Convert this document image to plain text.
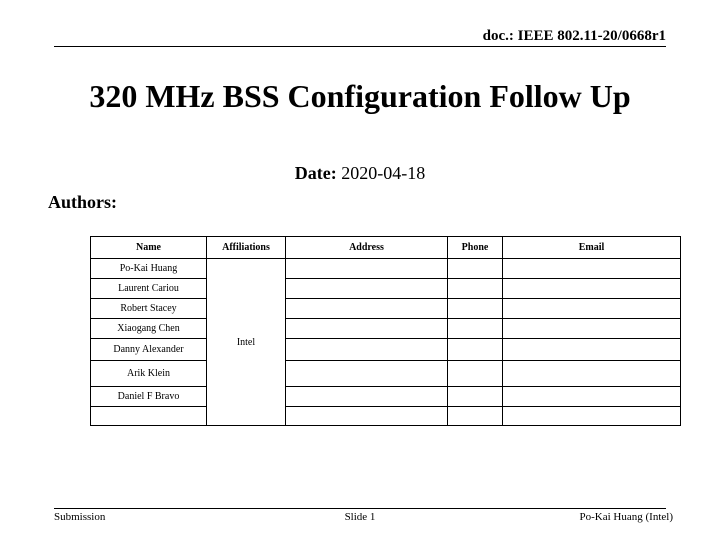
doc.: IEEE 802.11-20/0668r1
320 MHz BSS Configuration Follow Up
Date: 2020-04-18
Authors:
Name	Affiliations	Address	Phone	Email
Po-Kai Huang	Intel			
Laurent Cariou				
Robert Stacey				
Xiaogang Chen				
Danny Alexander				
Arik Klein				
Daniel F Bravo				

Submission	Slide 1	Po-Kai Huang (Intel)
